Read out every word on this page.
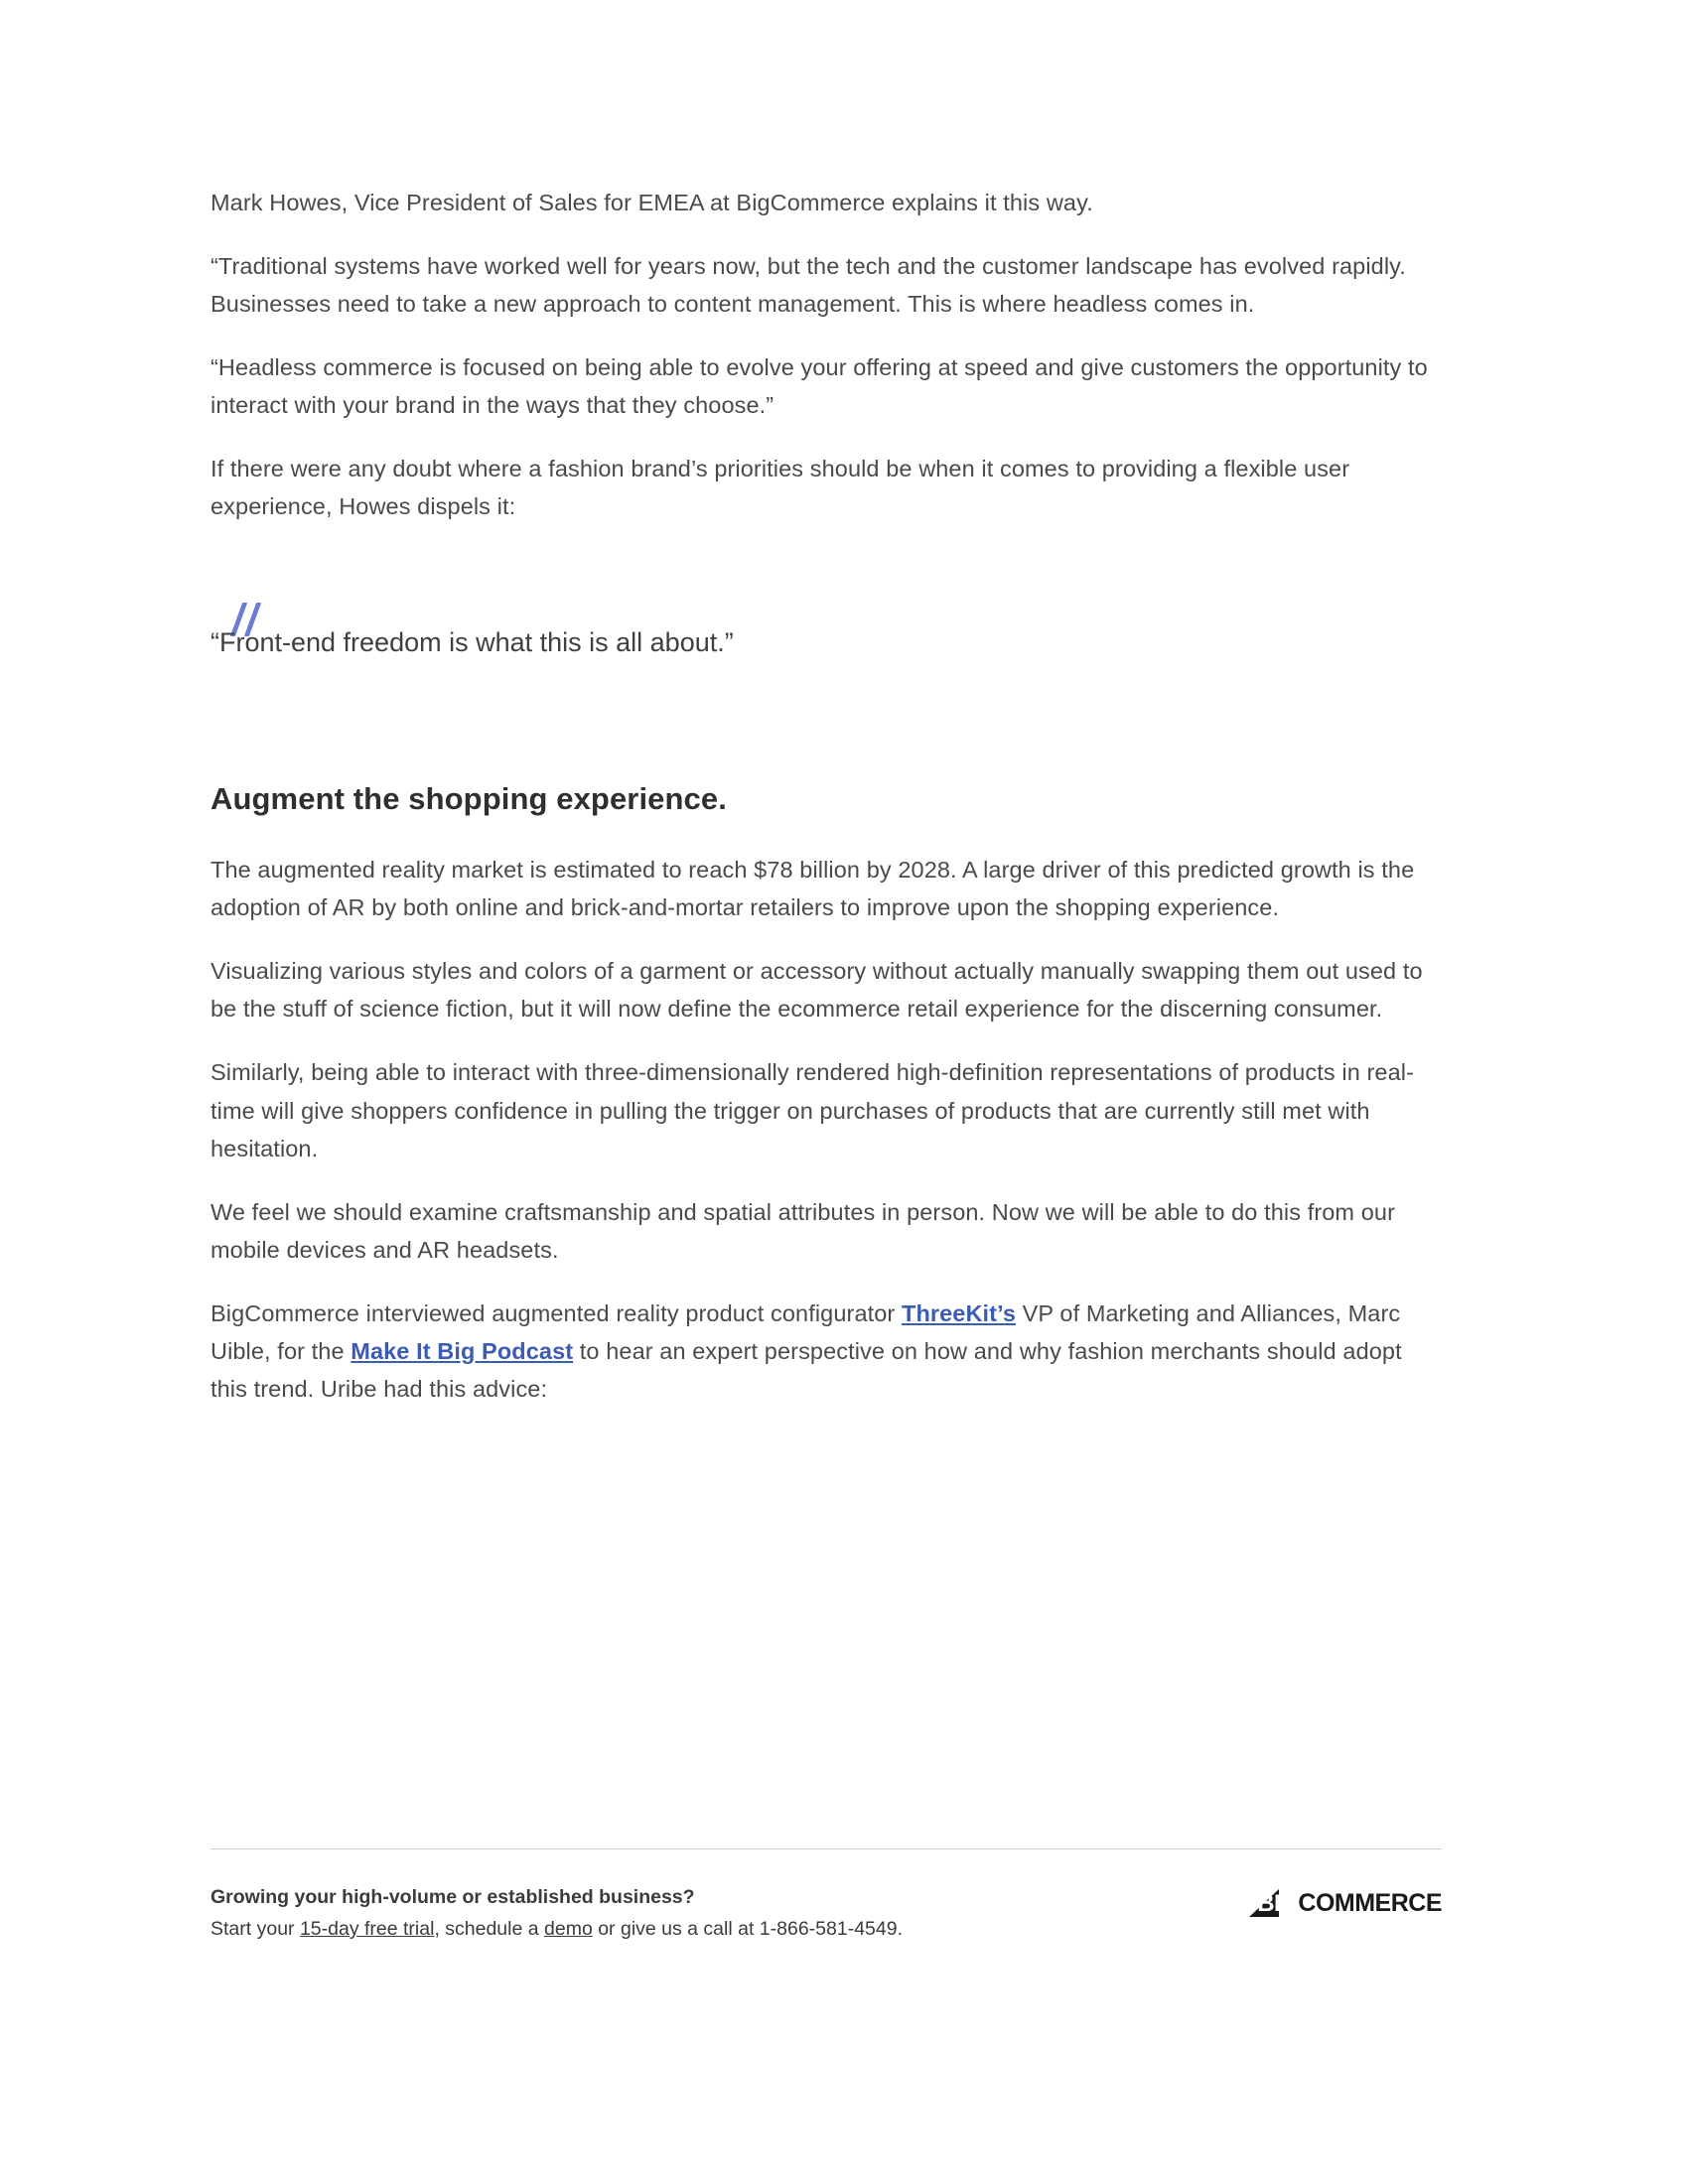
Mark Howes, Vice President of Sales for EMEA at BigCommerce explains it this way.

“Traditional systems have worked well for years now, but the tech and the customer landscape has evolved rapidly. Businesses need to take a new approach to content management. This is where headless comes in.

“Headless commerce is focused on being able to evolve your offering at speed and give customers the opportunity to interact with your brand in the ways that they choose.”

If there were any doubt where a fashion brand’s priorities should be when it comes to providing a flexible user experience, Howes dispels it:

“Front-end freedom is what this is all about.”

Augment the shopping experience.

The augmented reality market is estimated to reach $78 billion by 2028. A large driver of this predicted growth is the adoption of AR by both online and brick-and-mortar retailers to improve upon the shopping experience.

Visualizing various styles and colors of a garment or accessory without actually manually swapping them out used to be the stuff of science fiction, but it will now define the ecommerce retail experience for the discerning consumer.

Similarly, being able to interact with three-dimensionally rendered high-definition representations of products in real-time will give shoppers confidence in pulling the trigger on purchases of products that are currently still met with hesitation.

We feel we should examine craftsmanship and spatial attributes in person. Now we will be able to do this from our mobile devices and AR headsets.

BigCommerce interviewed augmented reality product configurator ThreeKit’s VP of Marketing and Alliances, Marc Uible, for the Make It Big Podcast to hear an expert perspective on how and why fashion merchants should adopt this trend. Uribe had this advice:

Growing your high-volume or established business?
Start your 15-day free trial, schedule a demo or give us a call at 1-866-581-4549.
BIG COMMERCE
